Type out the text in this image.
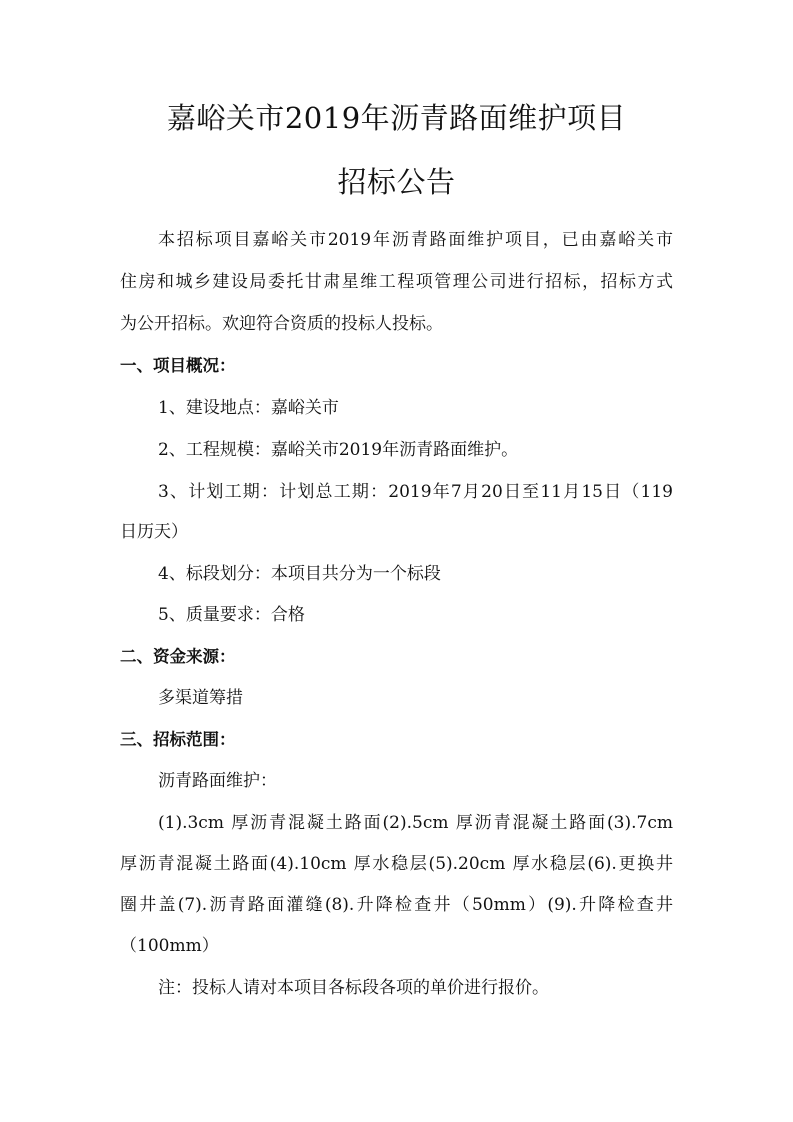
嘉峪关市2019年沥青路面维护项目
招标公告
本招标项目嘉峪关市2019年沥青路面维护项目，已由嘉峪关市
住房和城乡建设局委托甘肃星维工程项管理公司进行招标，招标方式
为公开招标。欢迎符合资质的投标人投标。
一、项目概况：
1、建设地点：嘉峪关市
2、工程规模：嘉峪关市2019年沥青路面维护。
3、计划工期：计划总工期：2019年7月20日至11月15日（119
日历天）
4、标段划分：本项目共分为一个标段
5、质量要求：合格
二、资金来源：
多渠道筹措
三、招标范围：
沥青路面维护：
(1).3cm 厚沥青混凝土路面(2).5cm 厚沥青混凝土路面(3).7cm
厚沥青混凝土路面(4).10cm 厚水稳层(5).20cm 厚水稳层(6).更换井
圈井盖(7).沥青路面灌缝(8).升降检查井（50mm）(9).升降检查井
（100mm）
注：投标人请对本项目各标段各项的单价进行报价。
